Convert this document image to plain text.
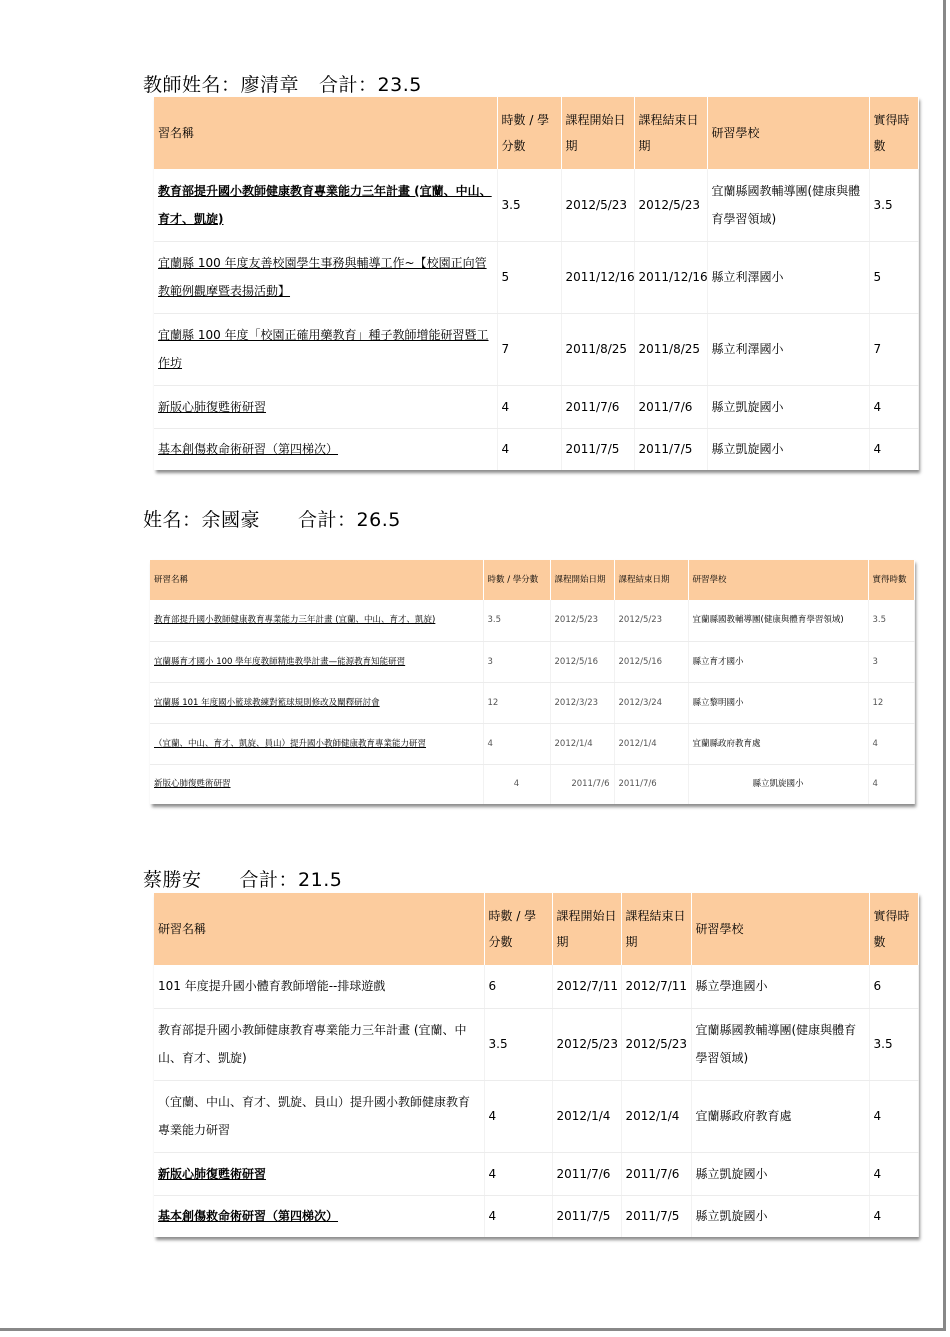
教師姓名：廖清章 合計：23.5
習名稱	時數 / 學分數	課程開始日期	課程結束日期	研習學校	實得時數
教育部提升國小教師健康教育專業能力三年計畫 (宜蘭、中山、育才、凱旋)	3.5	2012/5/23	2012/5/23	宜蘭縣國教輔導團(健康與體育學習領域)	3.5
宜蘭縣 100 年度友善校園學生事務與輔導工作~【校園正向管教範例觀摩暨表揚活動】	5	2011/12/16	2011/12/16	縣立利澤國小	5
宜蘭縣 100 年度「校園正確用藥教育」種子教師增能研習暨工作坊	7	2011/8/25	2011/8/25	縣立利澤國小	7
新版心肺復甦術研習	4	2011/7/6	2011/7/6	縣立凱旋國小	4
基本創傷救命術研習（第四梯次）	4	2011/7/5	2011/7/5	縣立凱旋國小	4
姓名：余國豪 合計：26.5
研習名稱	時數 / 學分數	課程開始日期	課程結束日期	研習學校	實得時數
教育部提升國小教師健康教育專業能力三年計畫 (宜蘭、中山、育才、凱旋)	3.5	2012/5/23	2012/5/23	宜蘭縣國教輔導團(健康與體育學習領域)	3.5
宜蘭縣育才國小 100 學年度教師精進教學計畫—能源教育知能研習	3	2012/5/16	2012/5/16	縣立育才國小	3
宜蘭縣 101 年度國小籃球教練對籃球規則修改及闡釋研討會	12	2012/3/23	2012/3/24	縣立黎明國小	12
（宜蘭、中山、育才、凱旋、員山）提升國小教師健康教育專業能力研習	4	2012/1/4	2012/1/4	宜蘭縣政府教育處	4
新版心肺復甦術研習	4	2011/7/6	2011/7/6	縣立凱旋國小	4
蔡勝安 合計：21.5
研習名稱	時數 / 學分數	課程開始日期	課程結束日期	研習學校	實得時數
101 年度提升國小體育教師增能--排球遊戲	6	2012/7/11	2012/7/11	縣立學進國小	6
教育部提升國小教師健康教育專業能力三年計畫 (宜蘭、中山、育才、凱旋)	3.5	2012/5/23	2012/5/23	宜蘭縣國教輔導團(健康與體育學習領域)	3.5
（宜蘭、中山、育才、凱旋、員山）提升國小教師健康教育專業能力研習	4	2012/1/4	2012/1/4	宜蘭縣政府教育處	4
新版心肺復甦術研習	4	2011/7/6	2011/7/6	縣立凱旋國小	4
基本創傷救命術研習（第四梯次）	4	2011/7/5	2011/7/5	縣立凱旋國小	4
